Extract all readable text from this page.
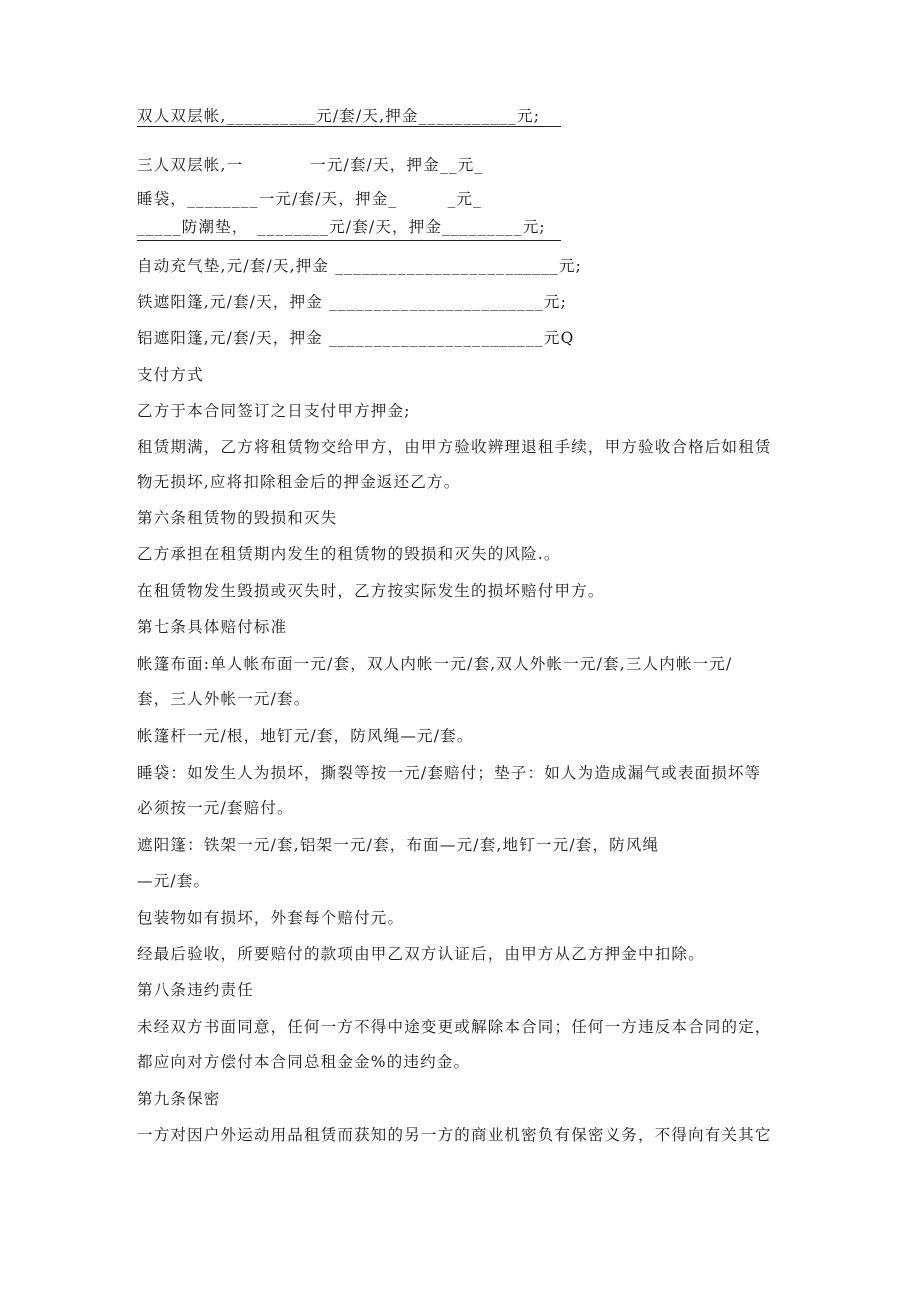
双人双层帐,__________元/套/天,押金___________元;
三人双层帐,一　　　　一元/套/天，押金__元_
睡袋，________一元/套/天，押金_　　　_元_
_____防潮垫，　________元/套/天，押金_________元;
自动充气垫,元/套/天,押金 _________________________元;
铁遮阳篷,元/套/天，押金 ________________________元;
铝遮阳篷,元/套/天，押金 ________________________元Q
支付方式
乙方于本合同签订之日支付甲方押金;
租赁期满，乙方将租赁物交给甲方，由甲方验收辨理退租手续，甲方验收合格后如租赁
物无损坏,应将扣除租金后的押金返还乙方。
第六条租赁物的毁损和灭失
乙方承担在租赁期内发生的租赁物的毁损和灭失的风险.。
在租赁物发生毁损或灭失时，乙方按实际发生的损坏赔付甲方。
第七条具体赔付标准
帐篷布面:单人帐布面一元/套，双人内帐一元/套,双人外帐一元/套,三人内帐一元/
套，三人外帐一元/套。
帐篷杆一元/根，地钉元/套，防风绳—元/套。
睡袋：如发生人为损坏，撕裂等按一元/套赔付；垫子：如人为造成漏气或表面损坏等
必须按一元/套赔付。
遮阳篷：铁架一元/套,铝架一元/套，布面—元/套,地钉一元/套，防风绳
—元/套。
包装物如有损坏，外套每个赔付元。
经最后验收，所要赔付的款项由甲乙双方认证后，由甲方从乙方押金中扣除。
第八条违约责任
未经双方书面同意，任何一方不得中途变更或解除本合同；任何一方违反本合同的定，
都应向对方偿付本合同总租金金%的违约金。
第九条保密
一方对因户外运动用品租赁而获知的另一方的商业机密负有保密义务，不得向有关其它
